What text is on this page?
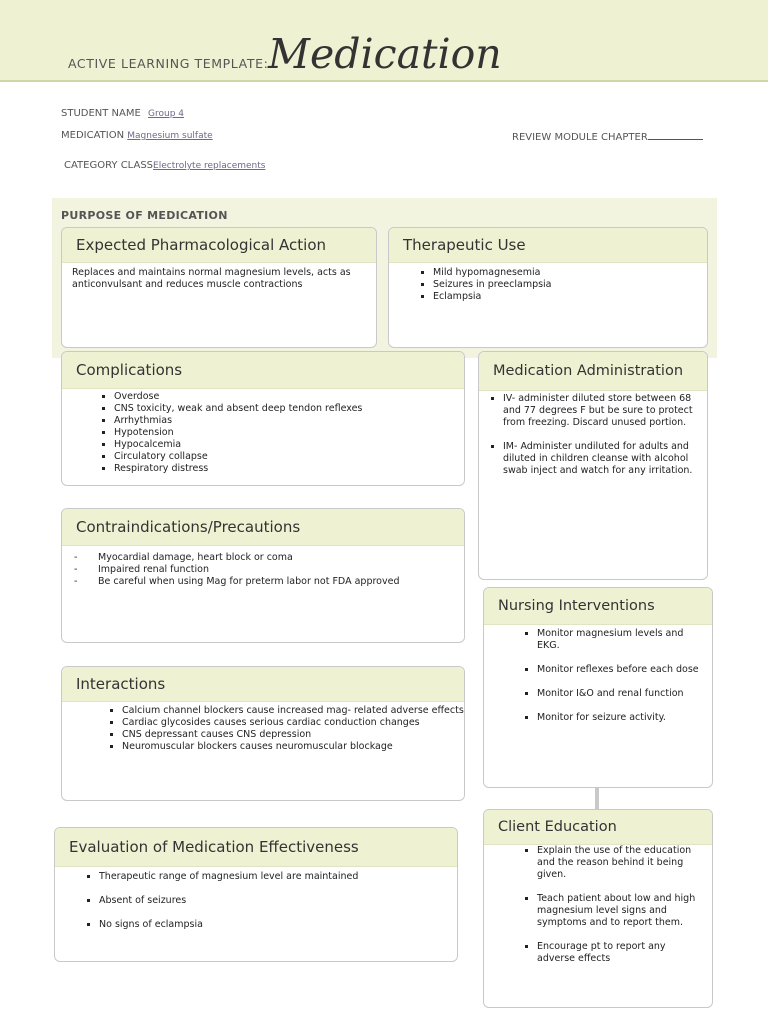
ACTIVE LEARNING TEMPLATE: Medication
STUDENT NAME Group 4
MEDICATION Magnesium sulfate	REVIEW MODULE CHAPTER
CATEGORY CLASSElectrolyte replacements
PURPOSE OF MEDICATION
Expected Pharmacological Action
Replaces and maintains normal magnesium levels, acts as anticonvulsant and reduces muscle contractions
Therapeutic Use
▪ Mild hypomagnesemia
▪ Seizures in preeclampsia
▪ Eclampsia
Complications
▪ Overdose
▪ CNS toxicity, weak and absent deep tendon reflexes
▪ Arrhythmias
▪ Hypotension
▪ Hypocalcemia
▪ Circulatory collapse
▪ Respiratory distress
Medication Administration
▪ IV- administer diluted store between 68 and 77 degrees F but be sure to protect from freezing. Discard unused portion.
▪ IM- Administer undiluted for adults and diluted in children cleanse with alcohol swab inject and watch for any irritation.
Contraindications/Precautions
- Myocardial damage, heart block or coma
- Impaired renal function
- Be careful when using Mag for preterm labor not FDA approved
Nursing Interventions
▪ Monitor magnesium levels and EKG.
▪ Monitor reflexes before each dose
▪ Monitor I&O and renal function
▪ Monitor for seizure activity.
Interactions
▪ Calcium channel blockers cause increased mag- related adverse effects
▪ Cardiac glycosides causes serious cardiac conduction changes
▪ CNS depressant causes CNS depression
▪ Neuromuscular blockers causes neuromuscular blockage
Evaluation of Medication Effectiveness
▪ Therapeutic range of magnesium level are maintained
▪ Absent of seizures
▪ No signs of eclampsia
Client Education
▪ Explain the use of the education and the reason behind it being given.
▪ Teach patient about low and high magnesium level signs and symptoms and to report them.
▪ Encourage pt to report any adverse effects
